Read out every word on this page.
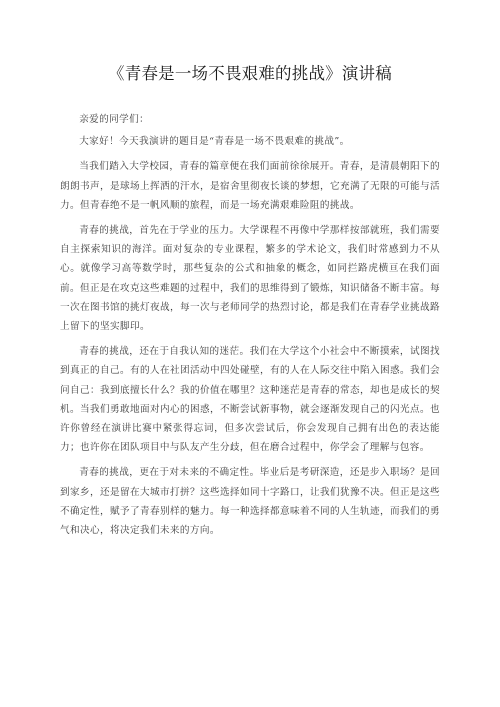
《青春是一场不畏艰难的挑战》演讲稿

亲爱的同学们：

大家好！今天我演讲的题目是“青春是一场不畏艰难的挑战”。

当我们踏入大学校园，青春的篇章便在我们面前徐徐展开。青春，是清晨朝阳下的朗朗书声，是球场上挥洒的汗水，是宿舍里彻夜长谈的梦想，它充满了无限的可能与活力。但青春绝不是一帆风顺的旅程，而是一场充满艰难险阻的挑战。

青春的挑战，首先在于学业的压力。大学课程不再像中学那样按部就班，我们需要自主探索知识的海洋。面对复杂的专业课程，繁多的学术论文，我们时常感到力不从心。就像学习高等数学时，那些复杂的公式和抽象的概念，如同拦路虎横亘在我们面前。但正是在攻克这些难题的过程中，我们的思维得到了锻炼，知识储备不断丰富。每一次在图书馆的挑灯夜战，每一次与老师同学的热烈讨论，都是我们在青春学业挑战路上留下的坚实脚印。

青春的挑战，还在于自我认知的迷茫。我们在大学这个小社会中不断摸索，试图找到真正的自己。有的人在社团活动中四处碰壁，有的人在人际交往中陷入困惑。我们会问自己：我到底擅长什么？我的价值在哪里？这种迷茫是青春的常态，却也是成长的契机。当我们勇敢地面对内心的困惑，不断尝试新事物，就会逐渐发现自己的闪光点。也许你曾经在演讲比赛中紧张得忘词，但多次尝试后，你会发现自己拥有出色的表达能力；也许你在团队项目中与队友产生分歧，但在磨合过程中，你学会了理解与包容。

青春的挑战，更在于对未来的不确定性。毕业后是考研深造，还是步入职场？是回到家乡，还是留在大城市打拼？这些选择如同十字路口，让我们犹豫不决。但正是这些不确定性，赋予了青春别样的魅力。每一种选择都意味着不同的人生轨迹，而我们的勇气和决心，将决定我们未来的方向。
